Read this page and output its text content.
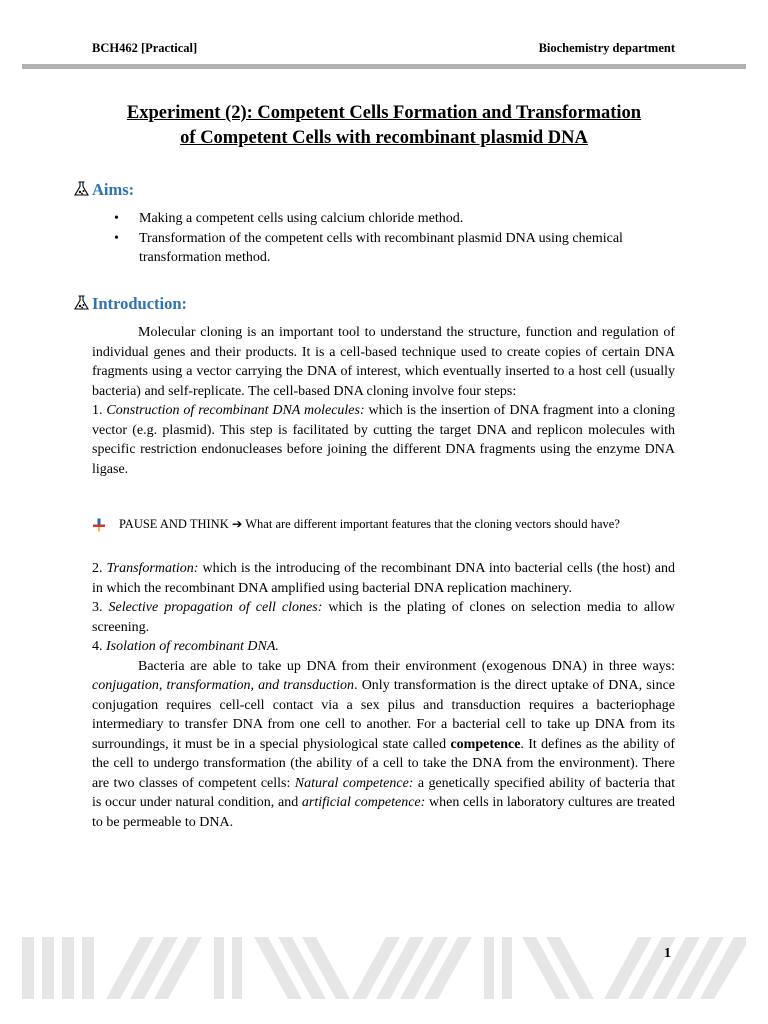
BCH462 [Practical]	Biochemistry department
Experiment (2): Competent Cells Formation and Transformation
of Competent Cells with recombinant plasmid DNA
Aims:
• Making a competent cells using calcium chloride method.
• Transformation of the competent cells with recombinant plasmid DNA using chemical transformation method.
Introduction:

Molecular cloning is an important tool to understand the structure, function and regulation of individual genes and their products. It is a cell-based technique used to create copies of certain DNA fragments using a vector carrying the DNA of interest, which eventually inserted to a host cell (usually bacteria) and self-replicate. The cell-based DNA cloning involve four steps:

1. Construction of recombinant DNA molecules: which is the insertion of DNA fragment into a cloning vector (e.g. plasmid). This step is facilitated by cutting the target DNA and replicon molecules with specific restriction endonucleases before joining the different DNA fragments using the enzyme DNA ligase.

PAUSE AND THINK ➔ What are different important features that the cloning vectors should have?

2. Transformation: which is the introducing of the recombinant DNA into bacterial cells (the host) and in which the recombinant DNA amplified using bacterial DNA replication machinery.

3. Selective propagation of cell clones: which is the plating of clones on selection media to allow screening.

4. Isolation of recombinant DNA.

Bacteria are able to take up DNA from their environment (exogenous DNA) in three ways: conjugation, transformation, and transduction. Only transformation is the direct uptake of DNA, since conjugation requires cell-cell contact via a sex pilus and transduction requires a bacteriophage intermediary to transfer DNA from one cell to another. For a bacterial cell to take up DNA from its surroundings, it must be in a special physiological state called competence. It defines as the ability of the cell to undergo transformation (the ability of a cell to take the DNA from the environment). There are two classes of competent cells: Natural competence: a genetically specified ability of bacteria that is occur under natural condition, and artificial competence: when cells in laboratory cultures are treated to be permeable to DNA.

1
